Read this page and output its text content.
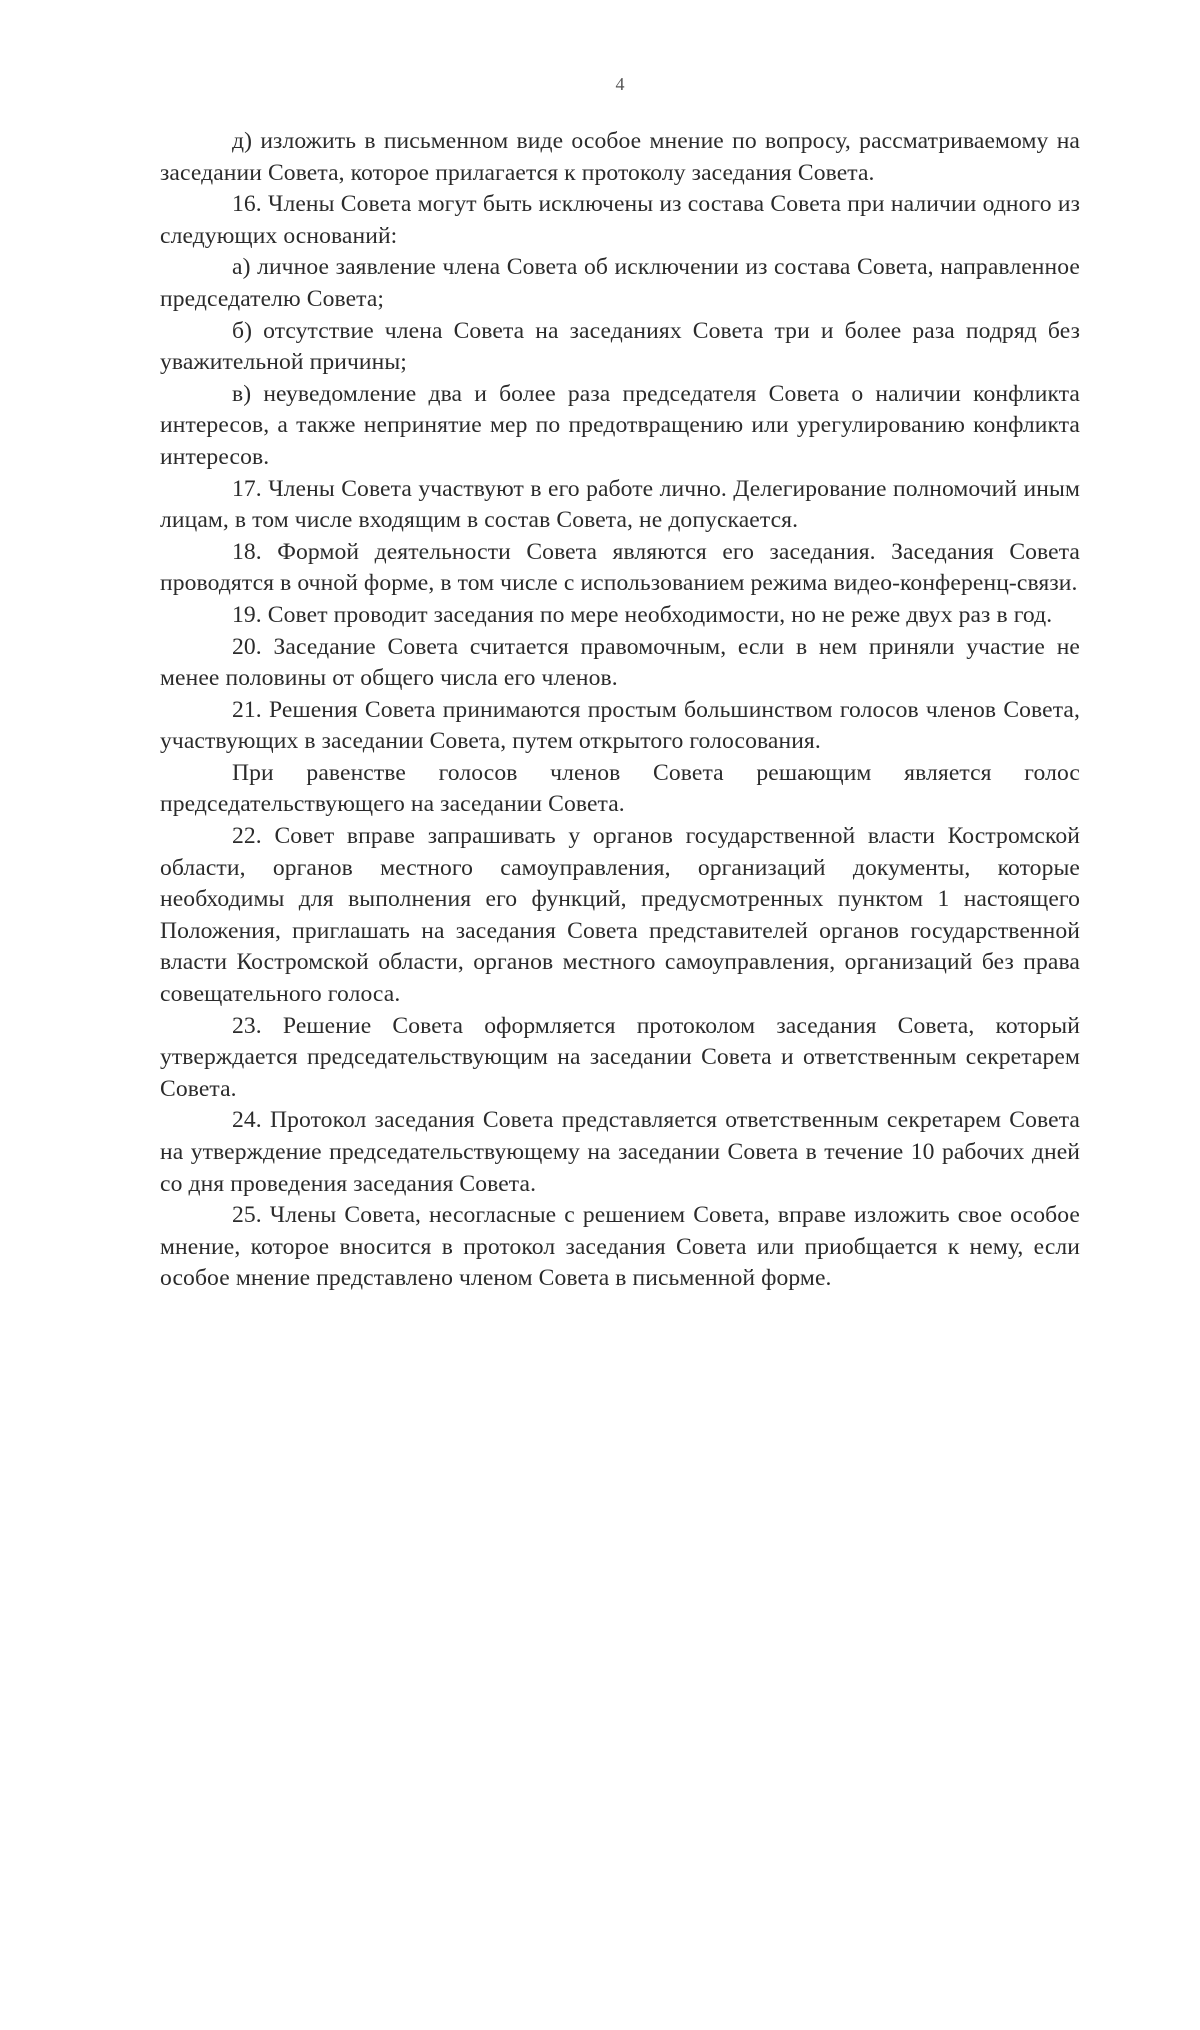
4

д) изложить в письменном виде особое мнение по вопросу, рассматриваемому на заседании Совета, которое прилагается к протоколу заседания Совета.

16. Члены Совета могут быть исключены из состава Совета при наличии одного из следующих оснований:

а) личное заявление члена Совета об исключении из состава Совета, направленное председателю Совета;

б) отсутствие члена Совета на заседаниях Совета три и более раза подряд без уважительной причины;

в) неуведомление два и более раза председателя Совета о наличии конфликта интересов, а также непринятие мер по предотвращению или урегулированию конфликта интересов.

17. Члены Совета участвуют в его работе лично. Делегирование полномочий иным лицам, в том числе входящим в состав Совета, не допускается.

18. Формой деятельности Совета являются его заседания. Заседания Совета проводятся в очной форме, в том числе с использованием режима видео-конференц-связи.

19. Совет проводит заседания по мере необходимости, но не реже двух раз в год.

20. Заседание Совета считается правомочным, если в нем приняли участие не менее половины от общего числа его членов.

21. Решения Совета принимаются простым большинством голосов членов Совета, участвующих в заседании Совета, путем открытого голосования.

При равенстве голосов членов Совета решающим является голос председательствующего на заседании Совета.

22. Совет вправе запрашивать у органов государственной власти Костромской области, органов местного самоуправления, организаций документы, которые необходимы для выполнения его функций, предусмотренных пунктом 1 настоящего Положения, приглашать на заседания Совета представителей органов государственной власти Костромской области, органов местного самоуправления, организаций без права совещательного голоса.

23. Решение Совета оформляется протоколом заседания Совета, который утверждается председательствующим на заседании Совета и ответственным секретарем Совета.

24. Протокол заседания Совета представляется ответственным секретарем Совета на утверждение председательствующему на заседании Совета в течение 10 рабочих дней со дня проведения заседания Совета.

25. Члены Совета, несогласные с решением Совета, вправе изложить свое особое мнение, которое вносится в протокол заседания Совета или приобщается к нему, если особое мнение представлено членом Совета в письменной форме.
